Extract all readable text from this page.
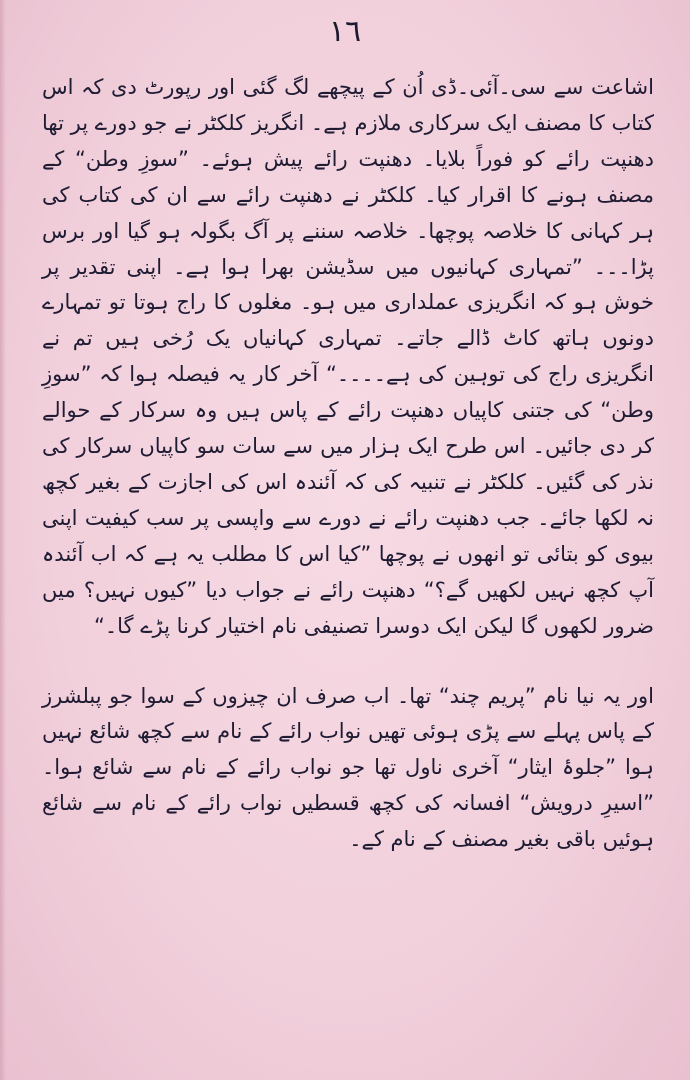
١٦

اشاعت سے سی۔آئی۔ڈی اُن کے پیچھے لگ گئی اور رپورٹ دی کہ اس کتاب کا مصنف ایک سرکاری ملازم ہے۔ انگریز کلکٹر نے جو دورے پر تھا دھنپت رائے کو فوراً بلایا۔ دھنپت رائے پیش ہوئے۔ ”سوزِ وطن“ کے مصنف ہونے کا اقرار کیا۔ کلکٹر نے دھنپت رائے سے ان کی کتاب کی ہر کہانی کا خلاصہ پوچھا۔ خلاصہ سننے پر آگ بگولہ ہو گیا اور برس پڑا۔۔۔ ”تمہاری کہانیوں میں سڈیشن بھرا ہوا ہے۔ اپنی تقدیر پر خوش ہو کہ انگریزی عملداری میں ہو۔ مغلوں کا راج ہوتا تو تمہارے دونوں ہاتھ کاٹ ڈالے جاتے۔ تمہاری کہانیاں یک رُخی ہیں تم نے انگریزی راج کی توہین کی ہے۔۔۔۔“ آخر کار یہ فیصلہ ہوا کہ ”سوزِ وطن“ کی جتنی کاپیاں دھنپت رائے کے پاس ہیں وہ سرکار کے حوالے کر دی جائیں۔ اس طرح ایک ہزار میں سے سات سو کاپیاں سرکار کی نذر کی گئیں۔ کلکٹر نے تنبیہ کی کہ آئندہ اس کی اجازت کے بغیر کچھ نہ لکھا جائے۔ جب دھنپت رائے نے دورے سے واپسی پر سب کیفیت اپنی بیوی کو بتائی تو انھوں نے پوچھا ”کیا اس کا مطلب یہ ہے کہ اب آئندہ آپ کچھ نہیں لکھیں گے؟“ دھنپت رائے نے جواب دیا ”کیوں نہیں؟ میں ضرور لکھوں گا لیکن ایک دوسرا تصنیفی نام اختیار کرنا پڑے گا۔“

اور یہ نیا نام ”پریم چند“ تھا۔ اب صرف ان چیزوں کے سوا جو پبلشرز کے پاس پہلے سے پڑی ہوئی تھیں نواب رائے کے نام سے کچھ شائع نہیں ہوا ”جلوۂ ایثار“ آخری ناول تھا جو نواب رائے کے نام سے شائع ہوا۔ ”اسیرِ درویش“ افسانہ کی کچھ قسطیں نواب رائے کے نام سے شائع ہوئیں باقی بغیر مصنف کے نام کے۔
